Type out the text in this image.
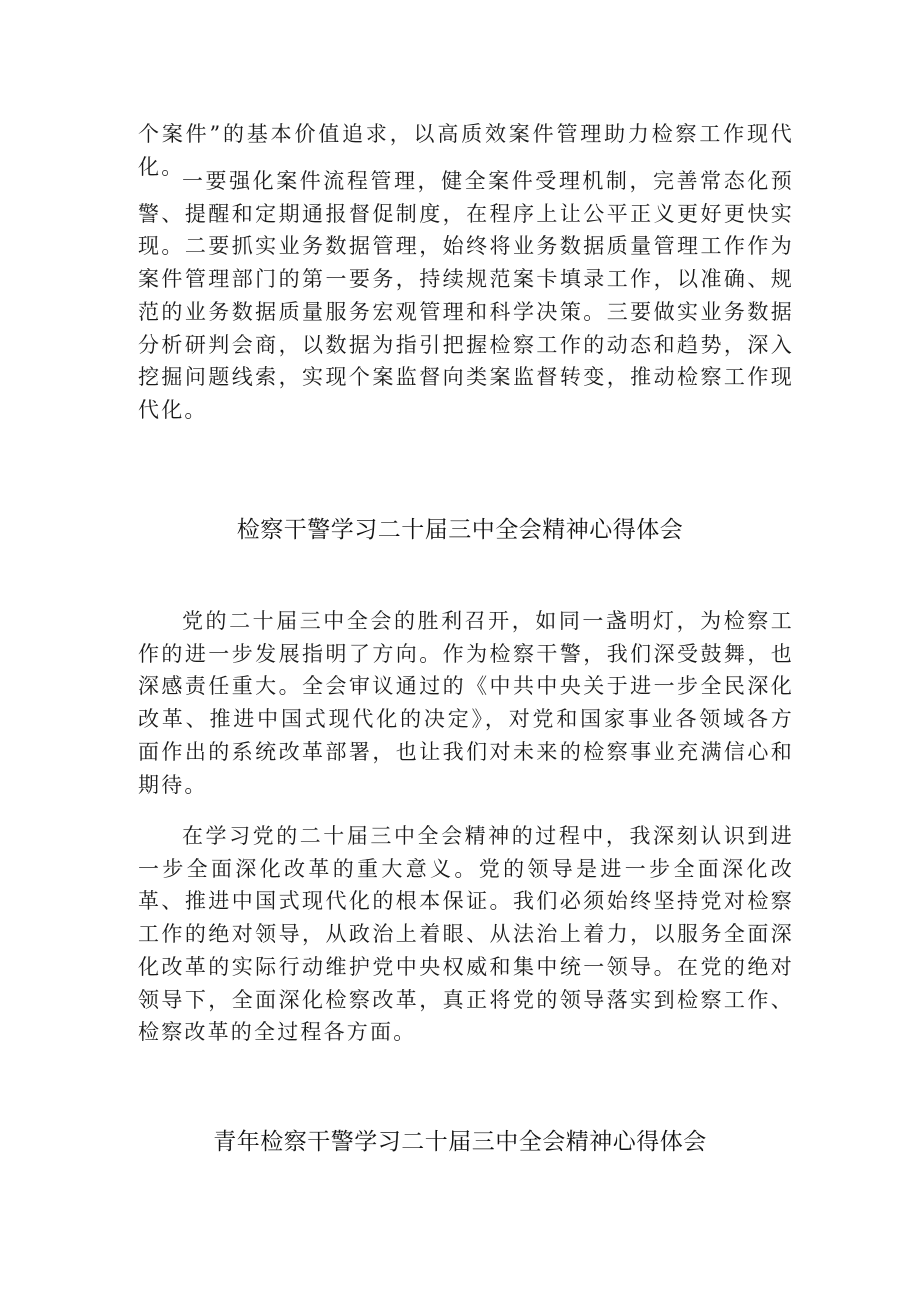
个案件”的基本价值追求，以高质效案件管理助力检察工作现代化。

一要强化案件流程管理，健全案件受理机制，完善常态化预警、提醒和定期通报督促制度，在程序上让公平正义更好更快实现。二要抓实业务数据管理，始终将业务数据质量管理工作作为案件管理部门的第一要务，持续规范案卡填录工作，以准确、规范的业务数据质量服务宏观管理和科学决策。三要做实业务数据分析研判会商，以数据为指引把握检察工作的动态和趋势，深入挖掘问题线索，实现个案监督向类案监督转变，推动检察工作现代化。

检察干警学习二十届三中全会精神心得体会

党的二十届三中全会的胜利召开，如同一盏明灯，为检察工作的进一步发展指明了方向。作为检察干警，我们深受鼓舞，也深感责任重大。全会审议通过的《中共中央关于进一步全民深化改革、推进中国式现代化的决定》，对党和国家事业各领域各方面作出的系统改革部署，也让我们对未来的检察事业充满信心和期待。

在学习党的二十届三中全会精神的过程中，我深刻认识到进一步全面深化改革的重大意义。党的领导是进一步全面深化改革、推进中国式现代化的根本保证。我们必须始终坚持党对检察工作的绝对领导，从政治上着眼、从法治上着力，以服务全面深化改革的实际行动维护党中央权威和集中统一领导。在党的绝对领导下，全面深化检察改革，真正将党的领导落实到检察工作、检察改革的全过程各方面。

青年检察干警学习二十届三中全会精神心得体会
